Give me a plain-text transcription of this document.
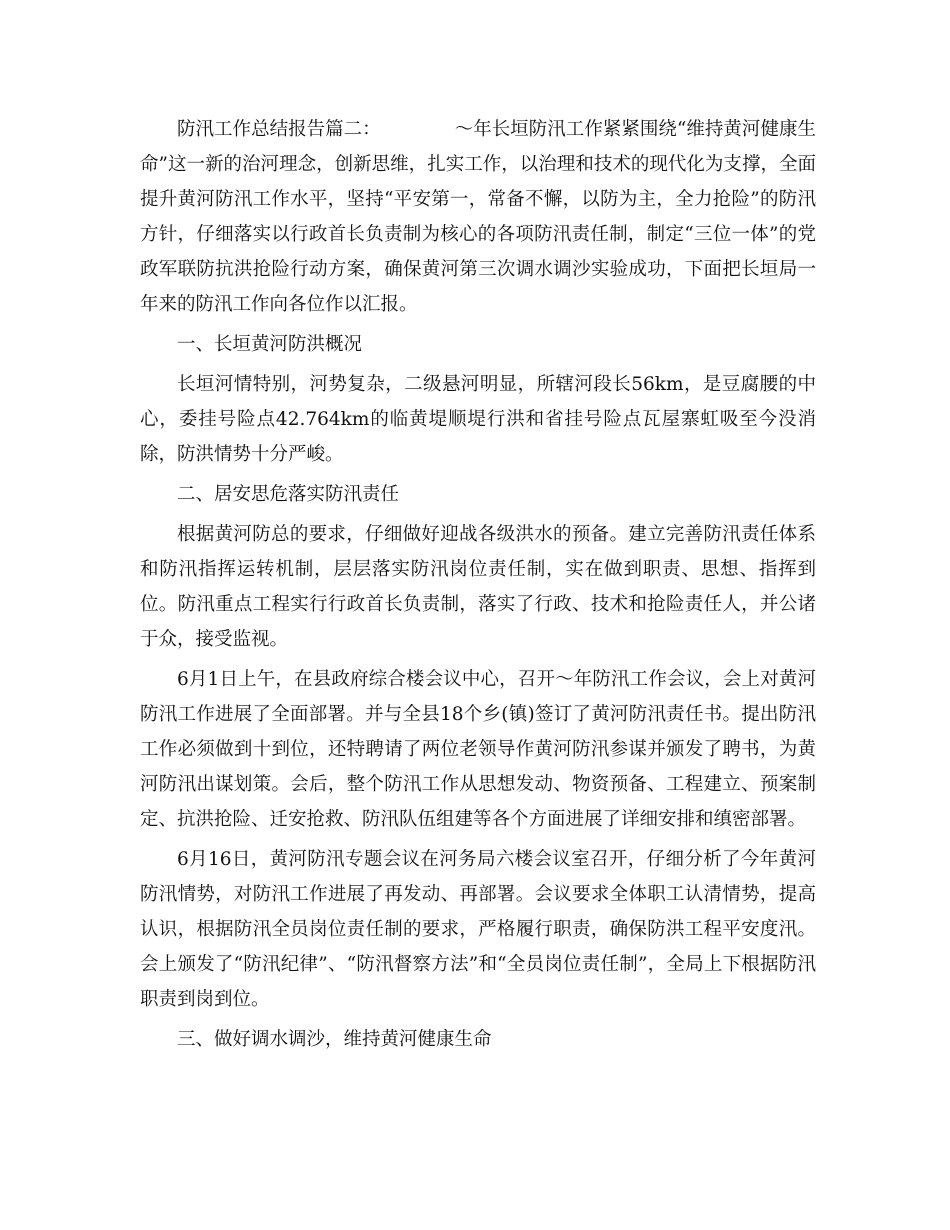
防汛工作总结报告篇二：	～年长垣防汛工作紧紧围绕“维持黄河健康生命”这一新的治河理念，创新思维，扎实工作，以治理和技术的现代化为支撑，全面提升黄河防汛工作水平，坚持“平安第一，常备不懈，以防为主，全力抢险”的防汛方针，仔细落实以行政首长负责制为核心的各项防汛责任制，制定“三位一体”的党政军联防抗洪抢险行动方案，确保黄河第三次调水调沙实验成功，下面把长垣局一年来的防汛工作向各位作以汇报。

一、长垣黄河防洪概况

长垣河情特别，河势复杂，二级悬河明显，所辖河段长56km，是豆腐腰的中心，委挂号险点42.764km的临黄堤顺堤行洪和省挂号险点瓦屋寨虹吸至今没消除，防洪情势十分严峻。

二、居安思危落实防汛责任

根据黄河防总的要求，仔细做好迎战各级洪水的预备。建立完善防汛责任体系和防汛指挥运转机制，层层落实防汛岗位责任制，实在做到职责、思想、指挥到位。防汛重点工程实行行政首长负责制，落实了行政、技术和抢险责任人，并公诸于众，接受监视。

6月1日上午，在县政府综合楼会议中心，召开～年防汛工作会议，会上对黄河防汛工作进展了全面部署。并与全县18个乡(镇)签订了黄河防汛责任书。提出防汛工作必须做到十到位，还特聘请了两位老领导作黄河防汛参谋并颁发了聘书，为黄河防汛出谋划策。会后，整个防汛工作从思想发动、物资预备、工程建立、预案制定、抗洪抢险、迁安抢救、防汛队伍组建等各个方面进展了详细安排和缜密部署。

6月16日，黄河防汛专题会议在河务局六楼会议室召开，仔细分析了今年黄河防汛情势，对防汛工作进展了再发动、再部署。会议要求全体职工认清情势，提高认识，根据防汛全员岗位责任制的要求，严格履行职责，确保防洪工程平安度汛。会上颁发了“防汛纪律”、“防汛督察方法”和“全员岗位责任制”，全局上下根据防汛职责到岗到位。

三、做好调水调沙，维持黄河健康生命
